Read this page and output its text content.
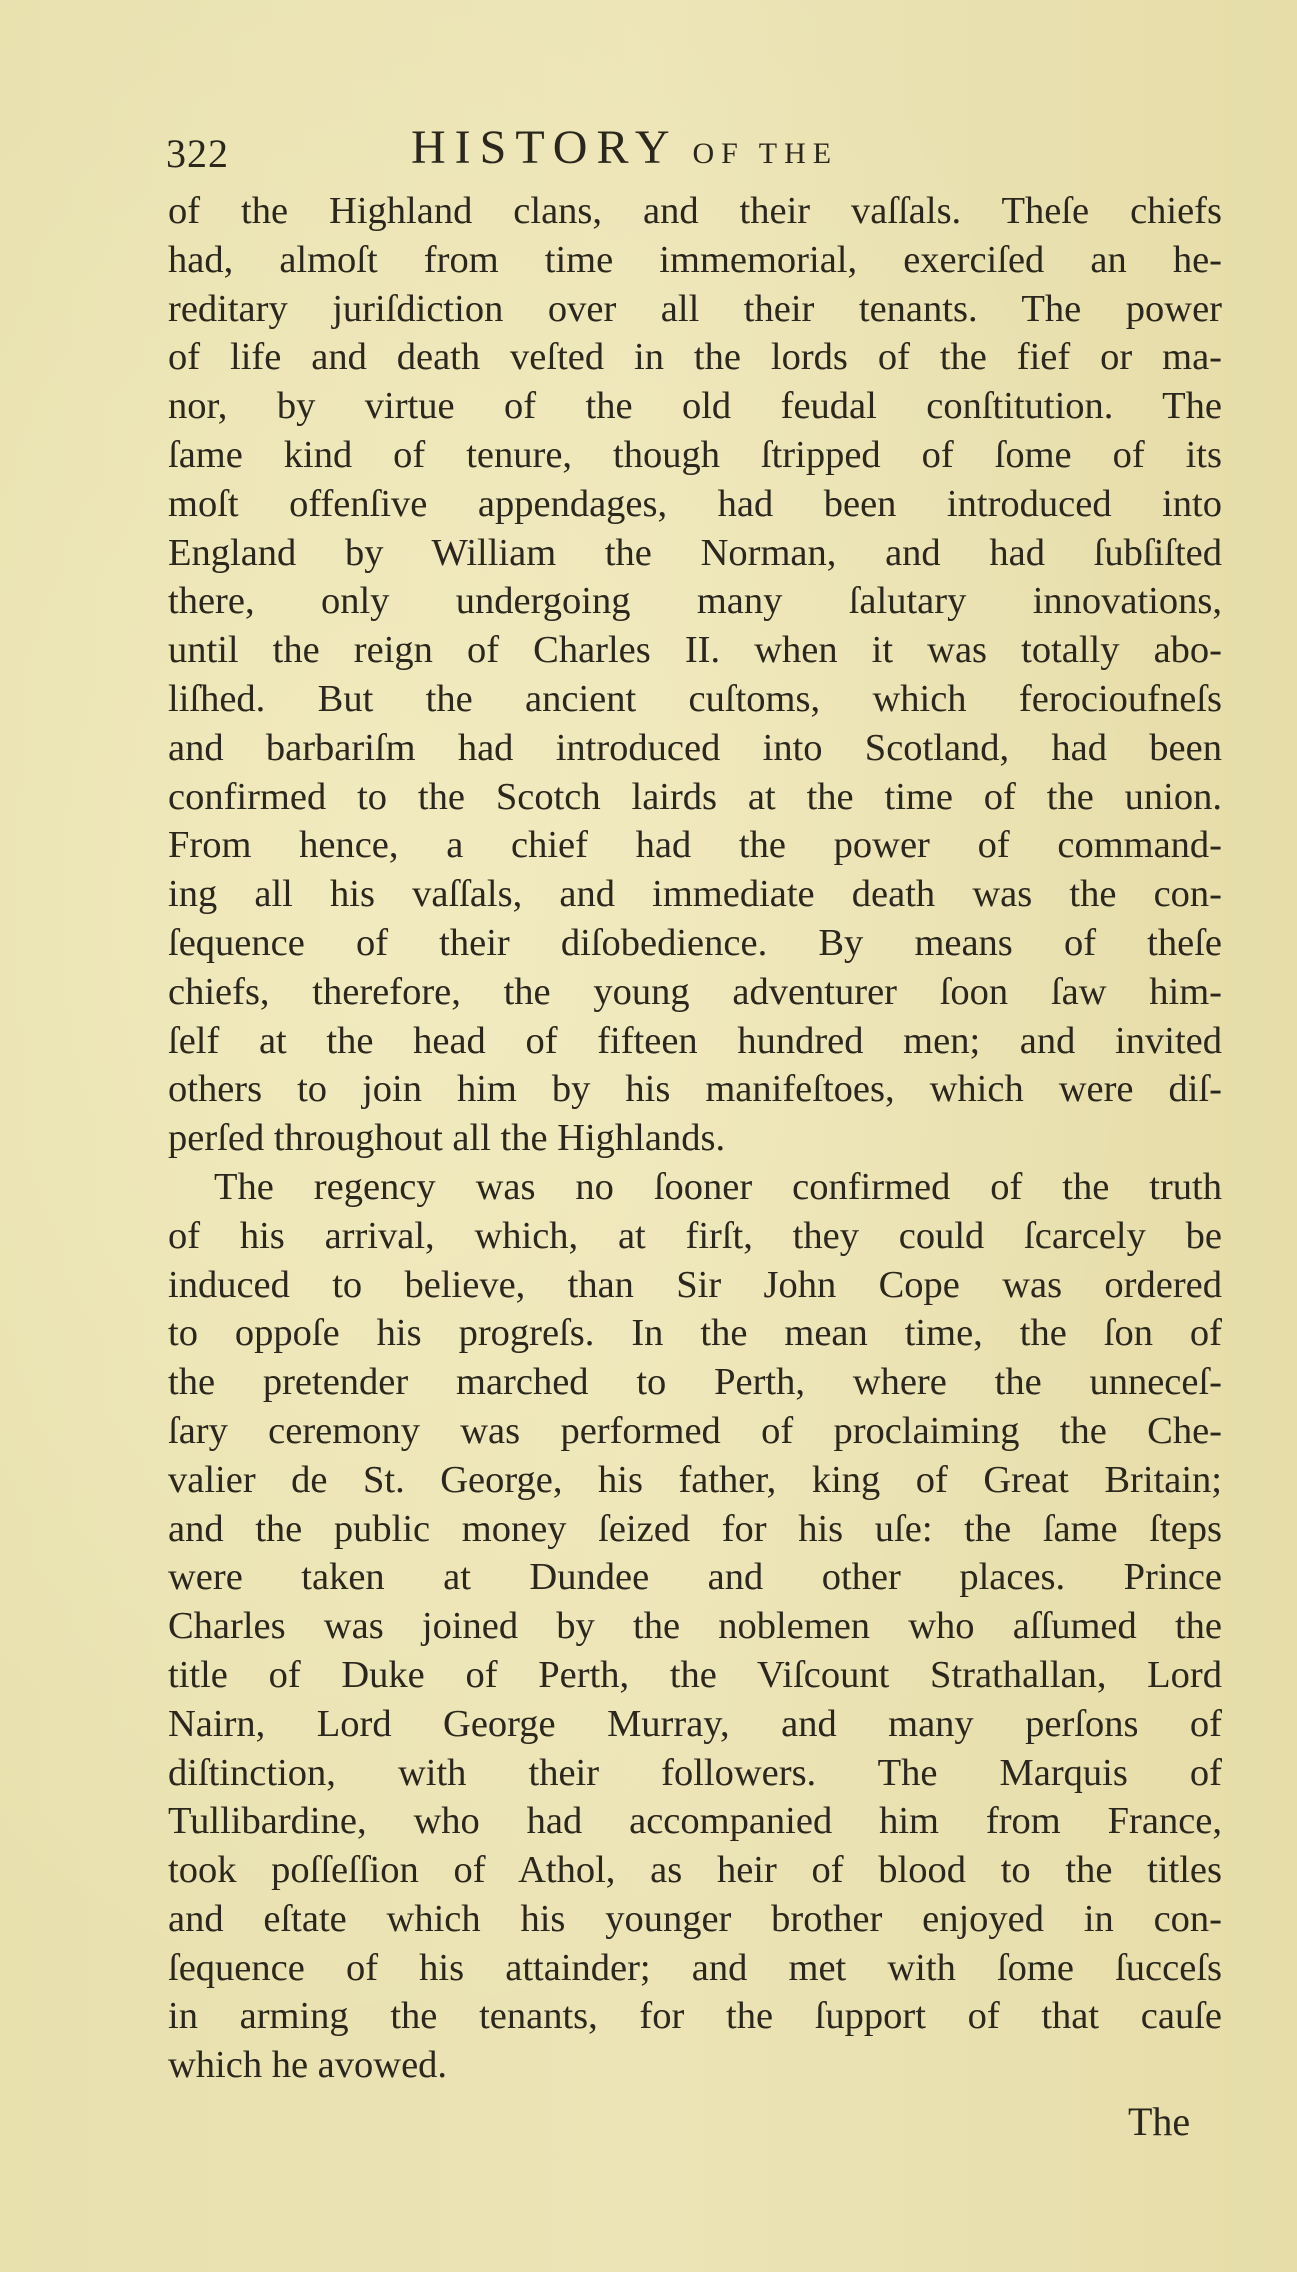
322	HISTORY OF THE
of the Highland clans, and their vaſſals. Theſe chiefs
had, almoſt from time immemorial, exerciſed an he-
reditary juriſdiction over all their tenants. The power
of life and death veſted in the lords of the fief or ma-
nor, by virtue of the old feudal conſtitution. The
ſame kind of tenure, though ſtripped of ſome of its
moſt offenſive appendages, had been introduced into
England by William the Norman, and had ſubſiſted
there, only undergoing many ſalutary innovations,
until the reign of Charles II. when it was totally abo-
liſhed. But the ancient cuſtoms, which ferocioufneſs
and barbariſm had introduced into Scotland, had been
confirmed to the Scotch lairds at the time of the union.
From hence, a chief had the power of command-
ing all his vaſſals, and immediate death was the con-
ſequence of their diſobedience. By means of theſe
chiefs, therefore, the young adventurer ſoon ſaw him-
ſelf at the head of fifteen hundred men; and invited
others to join him by his manifeſtoes, which were diſ-
perſed throughout all the Highlands.
The regency was no ſooner confirmed of the truth
of his arrival, which, at firſt, they could ſcarcely be
induced to believe, than Sir John Cope was ordered
to oppoſe his progreſs. In the mean time, the ſon of
the pretender marched to Perth, where the unneceſ-
ſary ceremony was performed of proclaiming the Che-
valier de St. George, his father, king of Great Britain;
and the public money ſeized for his uſe: the ſame ſteps
were taken at Dundee and other places. Prince
Charles was joined by the noblemen who aſſumed the
title of Duke of Perth, the Viſcount Strathallan, Lord
Nairn, Lord George Murray, and many perſons of
diſtinction, with their followers. The Marquis of
Tullibardine, who had accompanied him from France,
took poſſeſſion of Athol, as heir of blood to the titles
and eſtate which his younger brother enjoyed in con-
ſequence of his attainder; and met with ſome ſucceſs
in arming the tenants, for the ſupport of that cauſe
which he avowed.
The
